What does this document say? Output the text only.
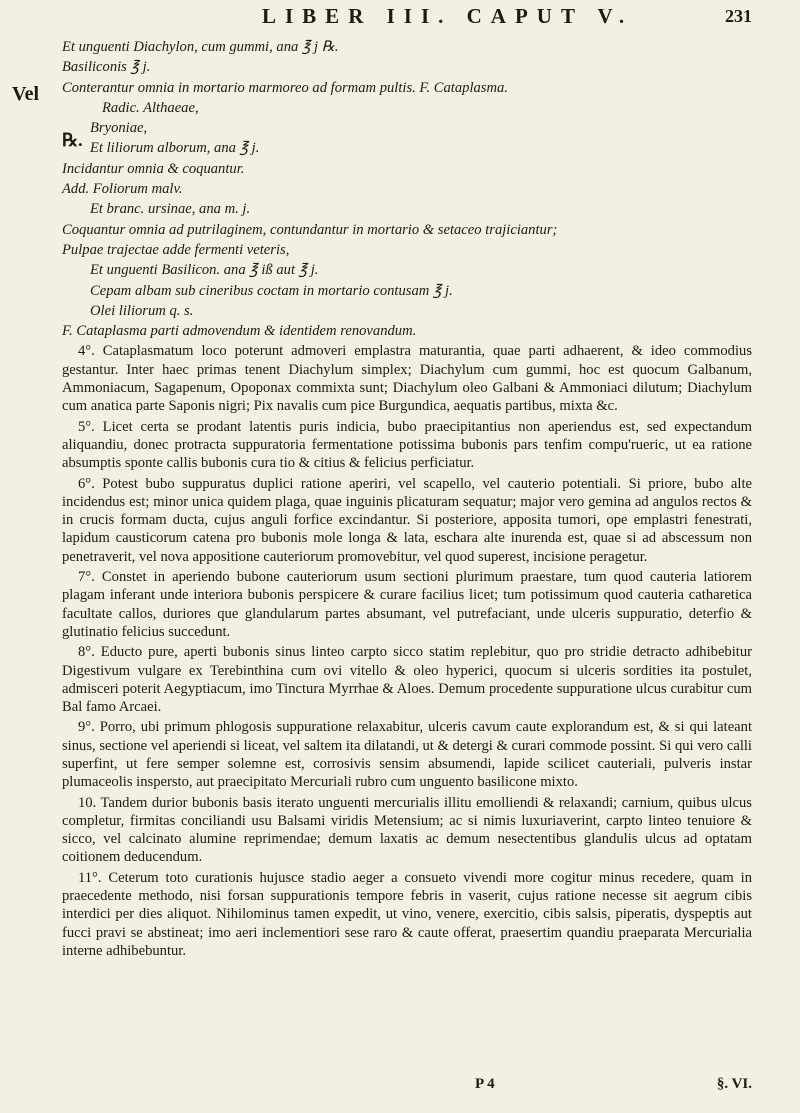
LIBER III. CAPUT V.	231
Vel
℞.

Et unguenti Diachylon, cum gummi, ana ℥ j ℞.

Basiliconis ℥ j.

Conterantur omnia in mortario marmoreo ad formam pultis. F. Cataplasma.

Radic. Althaeae,

Bryoniae,

Et liliorum alborum, ana ℥ j.

Incidantur omnia & coquantur.

Add. Foliorum malv.

Et branc. ursinae, ana m. j.

Coquantur omnia ad putrilaginem, contundantur in mortario & setaceo trajiciantur;

Pulpae trajectae adde fermenti veteris,

Et unguenti Basilicon. ana ℥ iß aut ℥ j.

Cepam albam sub cineribus coctam in mortario contusam ℥ j.

Olei liliorum q. s.

F. Cataplasma parti admovendum & identidem renovandum.

4°. Cataplasmatum loco poterunt admoveri emplastra maturantia, quae parti adhaerent, & ideo commodius gestantur. Inter haec primas tenent Diachylum simplex; Diachylum cum gummi, hoc est quocum Galbanum, Ammoniacum, Sagapenum, Opoponax commixta sunt; Diachylum oleo Galbani & Ammoniaci dilutum; Diachylum cum anatica parte Saponis nigri; Pix navalis cum pice Burgundica, aequatis partibus, mixta &c.

5°. Licet certa se prodant latentis puris indicia, bubo praecipitantius non aperiendus est, sed expectandum aliquandiu, donec protracta suppuratoria fermentatione potissima bubonis pars tenfim compu'rueric, ut ea ratione absumptis sponte callis bubonis cura tio & citius & felicius perficiatur.

6°. Potest bubo suppuratus duplici ratione aperiri, vel scapello, vel cauterio potentiali. Si priore, bubo alte incidendus est; minor unica quidem plaga, quae inguinis plicaturam sequatur; major vero gemina ad angulos rectos & in crucis formam ducta, cujus anguli forfice excindantur. Si posteriore, apposita tumori, ope emplastri fenestrati, lapidum causticorum catena pro bubonis mole longa & lata, eschara alte inurenda est, quae si ad abscessum non penetraverit, vel nova appositione cauteriorum promovebitur, vel quod superest, incisione peragetur.

7°. Constet in aperiendo bubone cauteriorum usum sectioni plurimum praestare, tum quod cauteria latiorem plagam inferant unde interiora bubonis perspicere & curare facilius licet; tum potissimum quod cauteria catharetica facultate callos, duriores que glandularum partes absumant, vel putrefaciant, unde ulceris suppuratio, deterfio & glutinatio felicius succedunt.

8°. Educto pure, aperti bubonis sinus linteo carpto sicco statim replebitur, quo pro stridie detracto adhibebitur Digestivum vulgare ex Terebinthina cum ovi vitello & oleo hyperici, quocum si ulceris sordities ita postulet, admisceri poterit Aegyptiacum, imo Tinctura Myrrhae & Aloes. Demum procedente suppuratione ulcus curabitur cum Bal famo Arcaei.

9°. Porro, ubi primum phlogosis suppuratione relaxabitur, ulceris cavum caute explorandum est, & si qui lateant sinus, sectione vel aperiendi si liceat, vel saltem ita dilatandi, ut & detergi & curari commode possint. Si qui vero calli superfint, ut fere semper solemne est, corrosivis sensim absumendi, lapide scilicet cauteriali, pulveris instar plumaceolis inspersto, aut praecipitato Mercuriali rubro cum unguento basilicone mixto.

10. Tandem durior bubonis basis iterato unguenti mercurialis illitu emolliendi & relaxandi; carnium, quibus ulcus completur, firmitas conciliandi usu Balsami viridis Metensium; ac si nimis luxuriaverint, carpto linteo tenuiore & sicco, vel calcinato alumine reprimendae; demum laxatis ac demum nesectentibus glandulis ulcus ad optatam coitionem deducendum.

11°. Ceterum toto curationis hujusce stadio aeger a consueto vivendi more cogitur minus recedere, quam in praecedente methodo, nisi forsan suppurationis tempore febris in vaserit, cujus ratione necesse sit aegrum cibis interdici per dies aliquot. Nihilominus tamen expedit, ut vino, venere, exercitio, cibis salsis, piperatis, dyspeptis aut fucci pravi se abstineat; imo aeri inclementiori sese raro & caute offerat, praesertim quandiu praeparata Mercurialia interne adhibebuntur.

P 4	§. VI.
